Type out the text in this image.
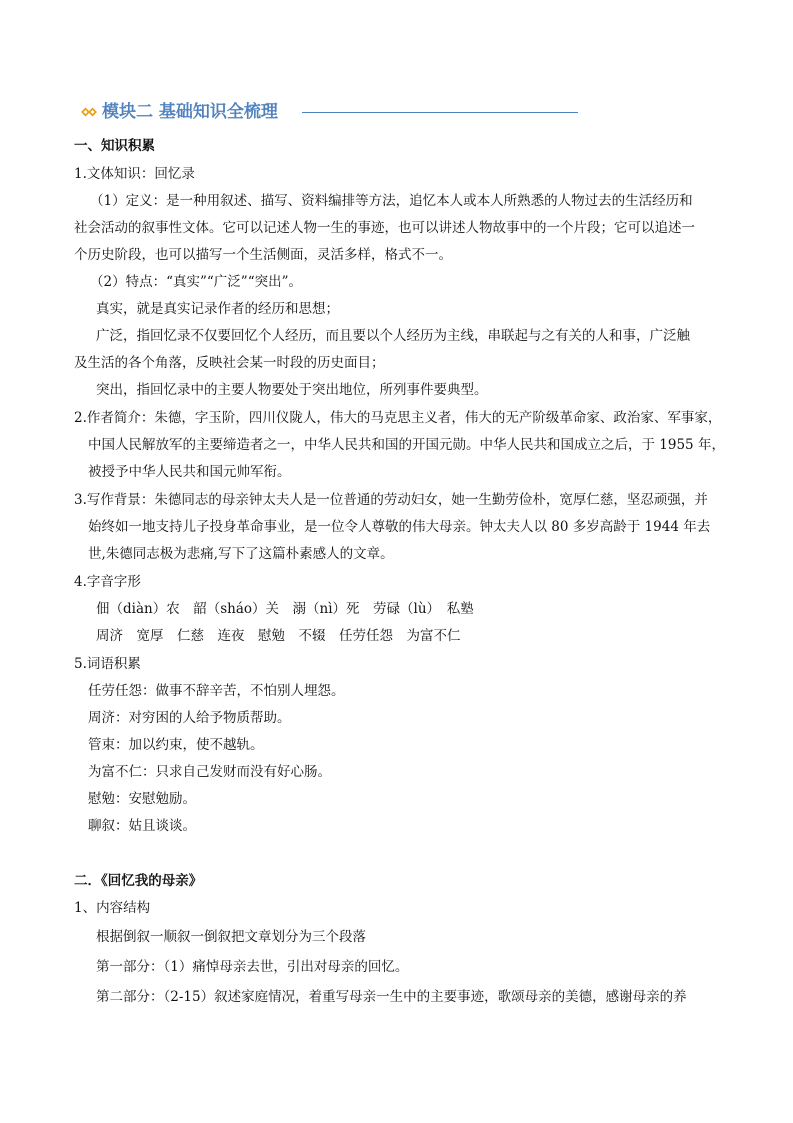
模块二 基础知识全梳理
一、知识积累
1.文体知识：回忆录
（1）定义：是一种用叙述、描写、资料编排等方法，追忆本人或本人所熟悉的人物过去的生活经历和
社会活动的叙事性文体。它可以记述人物一生的事迹，也可以讲述人物故事中的一个片段；它可以追述一
个历史阶段，也可以描写一个生活侧面，灵活多样，格式不一。
（2）特点：“真实”“广泛”“突出”。
真实，就是真实记录作者的经历和思想；
广泛，指回忆录不仅要回忆个人经历，而且要以个人经历为主线，串联起与之有关的人和事，广泛触
及生活的各个角落，反映社会某一时段的历史面目；
突出，指回忆录中的主要人物要处于突出地位，所列事件要典型。
2.作者简介：朱德，字玉阶，四川仪陇人，伟大的马克思主义者，伟大的无产阶级革命家、政治家、军事家，
中国人民解放军的主要缔造者之一，中华人民共和国的开国元勋。中华人民共和国成立之后，于 1955 年，
被授予中华人民共和国元帅军衔。
3.写作背景：朱德同志的母亲钟太夫人是一位普通的劳动妇女，她一生勤劳俭朴，宽厚仁慈，坚忍顽强，并
始终如一地支持儿子投身革命事业，是一位令人尊敬的伟大母亲。钟太夫人以 80 多岁高龄于 1944 年去
世,朱德同志极为悲痛,写下了这篇朴素感人的文章。
4.字音字形
佃（diàn）农　韶（sháo）关　溺（nì）死　劳碌（lù）　私塾
周济　宽厚　仁慈　连夜　慰勉　不辍　任劳任怨　为富不仁
5.词语积累
任劳任怨：做事不辞辛苦，不怕别人埋怨。
周济：对穷困的人给予物质帮助。
管束：加以约束，使不越轨。
为富不仁：只求自己发财而没有好心肠。
慰勉：安慰勉励。
聊叙：姑且谈谈。
二．《回忆我的母亲》
1、内容结构
根据倒叙一顺叙一倒叙把文章划分为三个段落
第一部分：（1）痛悼母亲去世，引出对母亲的回忆。
第二部分：（2-15）叙述家庭情况，着重写母亲一生中的主要事迹，歌颂母亲的美德，感谢母亲的养
